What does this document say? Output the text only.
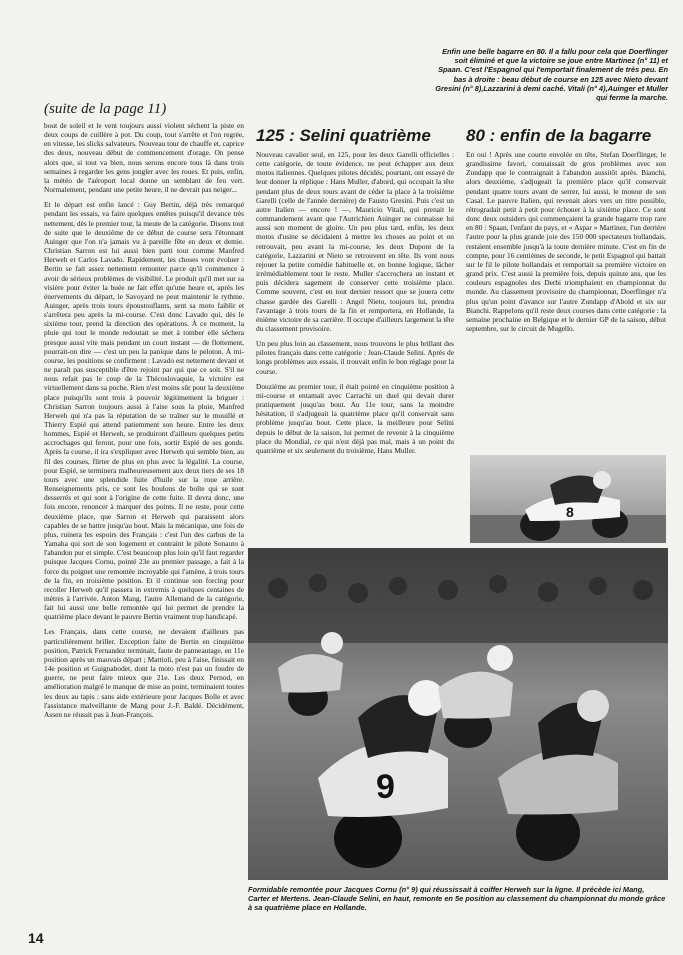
Enfin une belle bagarre en 80. Il a fallu pour cela que Doerflinger soit éliminé et que la victoire se joue entre Martinez (n° 11) et Spaan. C'est l'Espagnol qui l'emportait finalement de très peu. En bas à droite : beau début de course en 125 avec Nieto devant Gresini (n° 8),Lazzarini à demi caché. Vitali (n° 4),Auinger et Muller qui ferme la marche.
(suite de la page 11)

bout de soleil et le vent toujours aussi violent séchent la piste en deux coups de cuillère à pot. Du coup, tout s'arrête et l'on regrée, en vitesse, les slicks salvateurs. Nouveau tour de chauffe et, caprice des deux, nouveau début de commencement d'orage. On pense alors que, si tout va bien, nous serons encore tous là dans trois semaines à regarder les gens jongler avec les roues. Et puis, enfin, la météo de l'aéroport local donne un semblant de feu vert. Normalement, pendant une petite heure, il ne devrait pas neiger...

Et le départ est enfin lancé : Guy Bertin, déjà très remarqué pendant les essais, va faire quelques entêtes puisqu'il devance très nettement, dès le premier tour, la meute de la catégorie. Disons tout de suite que le deuxième de ce début de course sera l'étonnant Auinger que l'on n'a jamais vu à pareille fête en deux et demie. Christian Sarron est lui aussi bien parti tout comme Manfred Herweh et Carlos Lavado. Rapidement, les choses vont évoluer : Bertin se fait assez nettement remonter parce qu'il commence à avoir de sérieux problèmes de visibilité. Le produit qu'il met sur sa visière pour éviter la buée ne fait effet qu'une heure et, après les énervements du départ, le Savoyard ne peut maintenir le rythme. Auinger, après trois tours époustouflants, sent sa moto faiblir et s'arrêtera peu après la mi-course. C'est donc Lavado qui, dès le sixième tour, prend la direction des opérations. À ce moment, la pluie qui tout le monde redoutait se met à tomber elle séchera presque aussi vite mais pendant un court instant — de flottement, pourrait-on dire — c'est un peu la panique dans le peloton. À mi-course, les positions se confirment : Lavado est nettement devant et ne paraît pas susceptible d'être rejoint par qui que ce soit. S'il ne nous refait pas le coup de la Thécoslovaquie, la victoire est virtuellement dans sa poche. Rien n'est moins sûr pour la deuxième place puisqu'ils sont trois à pouvoir légitimement la briguer : Christian Sarron toujours aussi à l'aise sous la pluie, Manfred Herweh qui n'a pas la réputation de se traîner sur le mouillé et Thierry Espié qui attend patiemment son heure. Entre les deux hommes, Espié et Herweh, se produiront d'ailleurs quelques petits accrochages qui feront, pour une fois, sortir Espié de ses gonds. Après la course, il ira s'expliquer avec Herweh qui semble bien, au fil des courses, flirter de plus en plus avec la légalité. La course, pour Espié, se terminera malheureusement aux deux tiers de ses 18 tours avec une splendide fuite d'huile sur la roue arrière. Renseignements pris, ce sont les boulons de boîte qui se sont desserrés et qui sont à l'origine de cette fuite. Il devra donc, une fois encore, renoncer à marquer des points. Il ne reste, pour cette deuxième place, que Sarron et Herweh qui paraissent alors capables de se battre jusqu'au bout. Mais la mécanique, une fois de plus, ruinera les espoirs des Français : c'est l'un des carbus de la Yamaha qui sort de son logement et contraint le pilote Sonauto à l'abandon pur et simple. C'est beaucoup plus loin qu'il faut regarder puisque Jacques Cornu, pointé 23e au premier passage, a fait à la force du poignet une remontée incroyable qui l'amène, à trois tours de la fin, en troisième position. Et il continue son forcing pour recoller Herweh qu'il passera in extremis à quelques centaines de mètres à l'arrivée. Anton Mang, l'autre Allemand de la catégorie, fait lui aussi une belle remontée qui lui permet de prendre la quatrième place devant le pauvre Bertin vraiment trop handicapé.

Les Français, dans cette course, ne devaient d'ailleurs pas particulièrement briller. Exception faite de Bertin en cinquième position, Patrick Fernandez terminait, faute de panneautage, en 11e position après un mauvais départ ; Mattioli, peu à l'aise, finissait en 14e position et Guignabodet, dont la moto n'est pas un foudre de guerre, ne peut faire mieux que 21e. Les deux Pernod, en amélioration malgré le manque de mise au point, terminaient toutes les deux au tapis : sans aide extérieure pour Jacques Bolle et avec l'assistance malveillante de Mang pour J.-F. Baldé. Décidément, Assen ne réussit pas à Jean-François.

125 : Selini quatrième

Nouveau cavalier seul, en 125, pour les deux Garelli officielles : cette catégorie, de toute évidence, ne peut échapper aux deux motos italiennes. Quelques pilotes décidés, pourtant, ont essayé de leur donner la réplique : Hans Muller, d'abord, qui occupait la tête pendant plus de deux tours avant de céder la place à la troisième Garelli (celle de l'année dernière) de Fausto Gresini. Puis c'est un autre Italien — encore ! —, Mauricio Vitali, qui prenait le commandement avant que l'Autrichien Auinger ne connaisse lui aussi son moment de gloire. Un peu plus tard, enfin, les deux motos d'usine se décidaient à mettre les choses au point et on retrouvait, peu avant la mi-course, les deux Dupont de la catégorie, Lazzarini et Nieto se retrouvent en tête. Ils vont nous rejouer la petite comédie habituelle et, en bonne logique, lâcher irrémédiablement tout le reste. Muller s'accrochera un instant et puis décidera sagement de conserver cette troisième place. Comme souvent, c'est en tout dernier ressort que se jouera cette chasse gardée des Garelli : Angel Nieto, toujours lui, prendra l'avantage à trois tours de la fin et remportera, en Hollande, la énième victoire de sa carrière. Il occupe d'ailleurs largement la tête du classement provisoire.

Un peu plus loin au classement, nous trouvons le plus brillant des pilotes français dans cette catégorie : Jean-Claude Selini. Après de longs problèmes aux essais, il trouvait enfin le bon réglage pour la course.

Douzième au premier tour, il était pointé en cinquième position à mi-course et entamait avec Carrachi un duel qui devait durer pratiquement jusqu'au bout. Au 11e tour, sans la moindre hésitation, il s'adjugeait la quatrième place qu'il conservait sans problème jusqu'au bout. Cette place, la meilleure pour Selini depuis le début de la saison, lui permet de revenir à la cinquième place du Mondial, ce qui n'est déjà pas mal, mais à un point du quatrième et six seulement du troisième, Hans Muller.

80 : enfin de la bagarre

En oui ! Après une courte envolée en tête, Stefan Doerflinger, le grandissime favori, connaissait de gros problèmes avec son Zundapp que le contraignait à l'abandon aussitôt après. Bianchi, alors deuxième, s'adjugeait la première place qu'il conservait pendant quatre tours avant de serrer, lui aussi, le moteur de son Casal. Le pauvre Italien, qui revenait alors vers un titre possible, rétrogradait petit à petit pour échouer à la sixième place. Ce sont donc deux outsiders qui commençaient la grande bagarre trop rare en 80 : Spaan, l'enfant du pays, et « Aspar » Martinez, l'un derrière l'autre pour la plus grande joie des 150 000 spectateurs hollandais, restaient ensemble jusqu'à la toute dernière minute. C'est en fin de compte, pour 16 centièmes de seconde, le petit Espagnol qui battait sur le fil le pilote hollandais et remportait sa première victoire en grand prix. C'est aussi la première fois, depuis quinze ans, que les couleurs espagnoles des Derbi triomphaient en championnat du monde. Au classement provisoire du championnat, Doerflinger n'a plus qu'un point d'avance sur l'autre Zundapp d'Abold et six sur Bianchi. Rappelons qu'il reste deux courses dans cette catégorie : la semaine prochaine en Belgique et le dernier GP de la saison, début septembre, sur le circuit de Mugello.

8
9
Formidable remontée pour Jacques Cornu (n° 9) qui réussissait à coiffer Herweh sur la ligne. Il précède ici Mang, Carter et Mertens. Jean-Claude Selini, en haut, remonte en 5e position au classement du championnat du monde grâce à sa quatrième place en Hollande.
14
